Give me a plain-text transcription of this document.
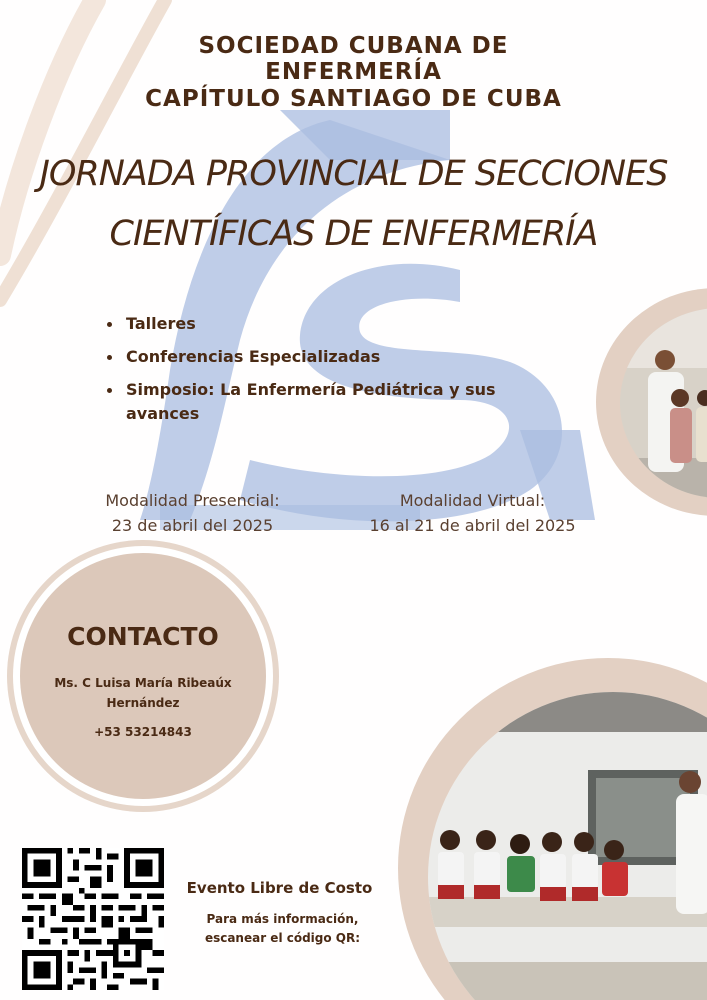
SOCIEDAD CUBANA DE
ENFERMERÍA
CAPÍTULO SANTIAGO DE CUBA
JORNADA PROVINCIAL DE SECCIONES
CIENTÍFICAS DE ENFERMERÍA
Talleres
Conferencias Especializadas
Simposio: La Enfermería Pediátrica y sus avances
Modalidad Presencial:
23 de abril del 2025
Modalidad Virtual:
16 al 21 de abril del 2025
CONTACTO
Ms. C Luisa María Ribeaúx Hernández
+53 53214843
Evento Libre de Costo
Para más información, escanear el código QR:
